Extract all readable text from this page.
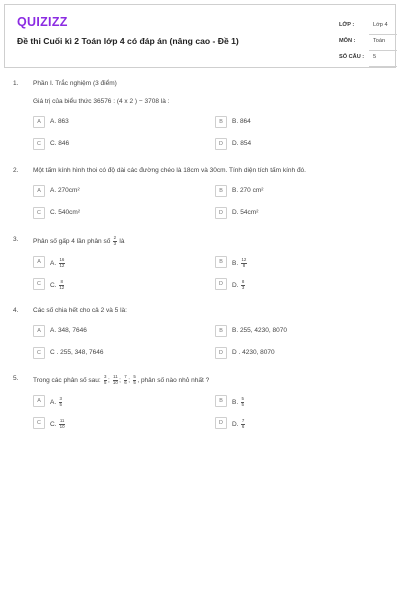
QUIZIZZ
Đề thi Cuối kì 2 Toán lớp 4 có đáp án (nâng cao - Đề 1)
LỚP :	Lớp 4
MÔN :	Toán
SỐ CÂU : 5
1. Phần I. Trắc nghiệm (3 điểm)
Giá trị của biểu thức 36576 : (4 x 2 ) − 3708 là :
A	A. 863	B	B. 864
C	C. 846	D	D. 854
2. Một tấm kính hình thoi có độ dài các đường chéo là 18cm và 30cm. Tính diện tích tấm kính đó.
A	A. 270cm²	B	B. 270 cm²
C	C. 540cm²	D	D. 54cm²
3. Phân số gấp 4 lần phân số $\frac{2}{3}$ là
A	A. $\frac{16}{12}$	B	B. $\frac{12}{8}$
C	C. $\frac{8}{12}$	D	D. $\frac{8}{3}$
4. Các số chia hết cho cả 2 và 5 là:
A	A. 348, 7646	B	B. 255, 4230, 8070
C	C . 255, 348, 7646	D	D . 4230, 8070
5. Trong các phân số sau: $\frac{3}{5}$ ; $\frac{11}{10}$ ; $\frac{7}{6}$ ; $\frac{5}{5}$ , phân số nào nhỏ nhất ?
A	A. $\frac{3}{5}$	B	B. $\frac{5}{5}$
C	C. $\frac{11}{10}$	D	D. $\frac{7}{6}$
